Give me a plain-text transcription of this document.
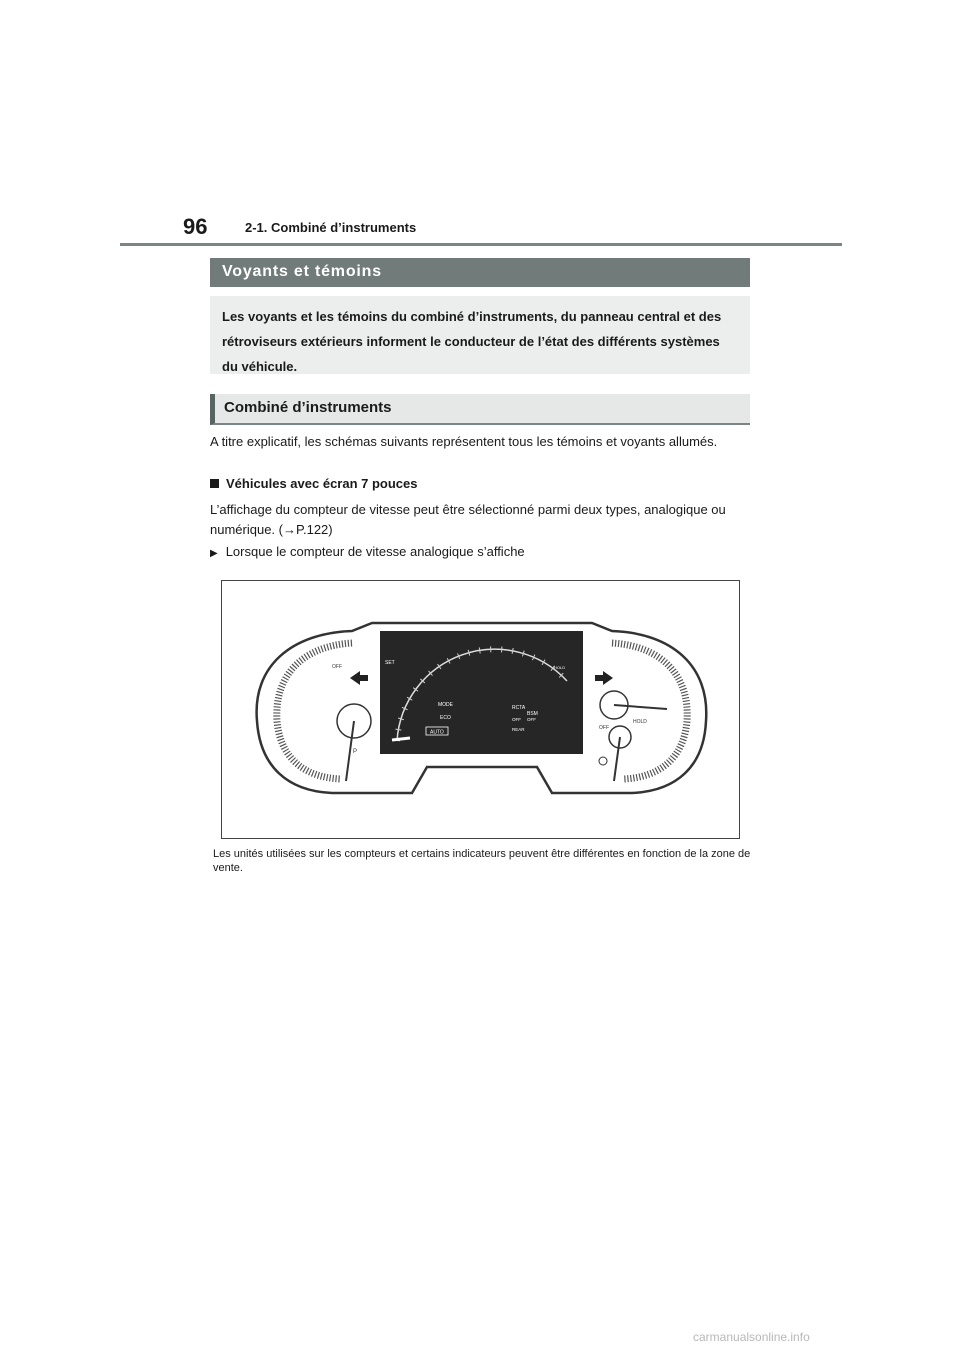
96	2-1. Combiné d’instruments
Voyants et témoins
Les voyants et les témoins du combiné d’instruments, du panneau central et des rétroviseurs extérieurs informent le conducteur de l’état des différents systèmes du véhicule.
Combiné d’instruments
A titre explicatif, les schémas suivants représentent tous les témoins et voyants allumés.
Véhicules avec écran 7 pouces
L’affichage du compteur de vitesse peut être sélectionné parmi deux types, analogique ou numérique. (→P.122)
▶ Lorsque le compteur de vitesse analogique s’affiche
MODE
ECO
RCTA
BSM
OFF OFF
REAR
AUTO
SET
HOLD
OFF
P
OFF
HOLD
Les unités utilisées sur les compteurs et certains indicateurs peuvent être différentes en fonction de la zone de vente.
carmanualsonline.info
